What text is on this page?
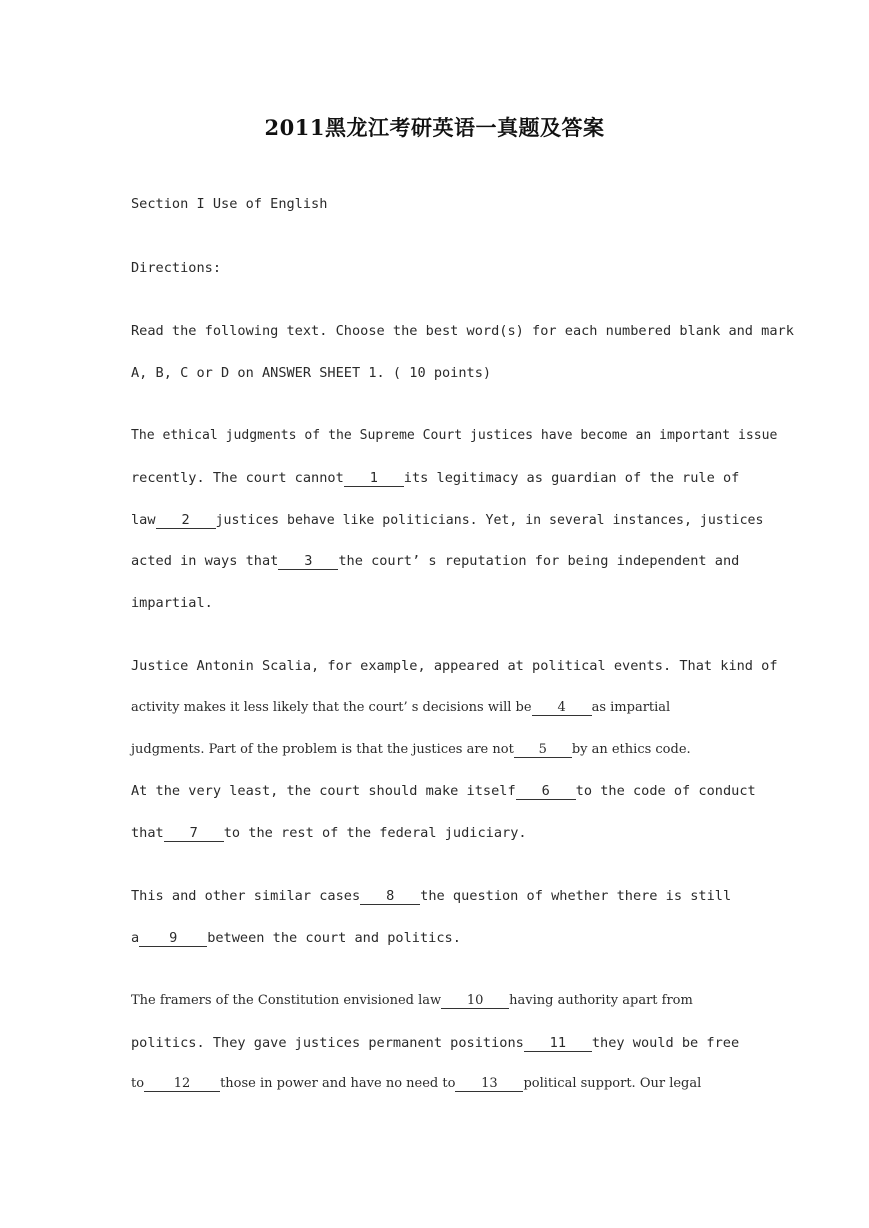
2011黑龙江考研英语一真题及答案
Section I Use of English
Directions:
Read the following text. Choose the best word(s) for each numbered blank and mark
A, B, C or D on ANSWER SHEET 1. ( 10 points)
The ethical judgments of the Supreme Court justices have become an important issue
recently. The court cannot 1 its legitimacy as guardian of the rule of
law 2 justices behave like politicians. Yet, in several instances, justices
acted in ways that 3 the court’ s reputation for being independent and
impartial.
Justice Antonin Scalia, for example, appeared at political events. That kind of
activity makes it less likely that the court’ s decisions will be 4 as impartial
judgments. Part of the problem is that the justices are not 5 by an ethics code.
At the very least, the court should make itself 6 to the code of conduct
that 7 to the rest of the federal judiciary.
This and other similar cases 8 the question of whether there is still
a 9 between the court and politics.
The framers of the Constitution envisioned law 10 having authority apart from
politics. They gave justices permanent positions 11 they would be free
to 12 those in power and have no need to 13 political support. Our legal
